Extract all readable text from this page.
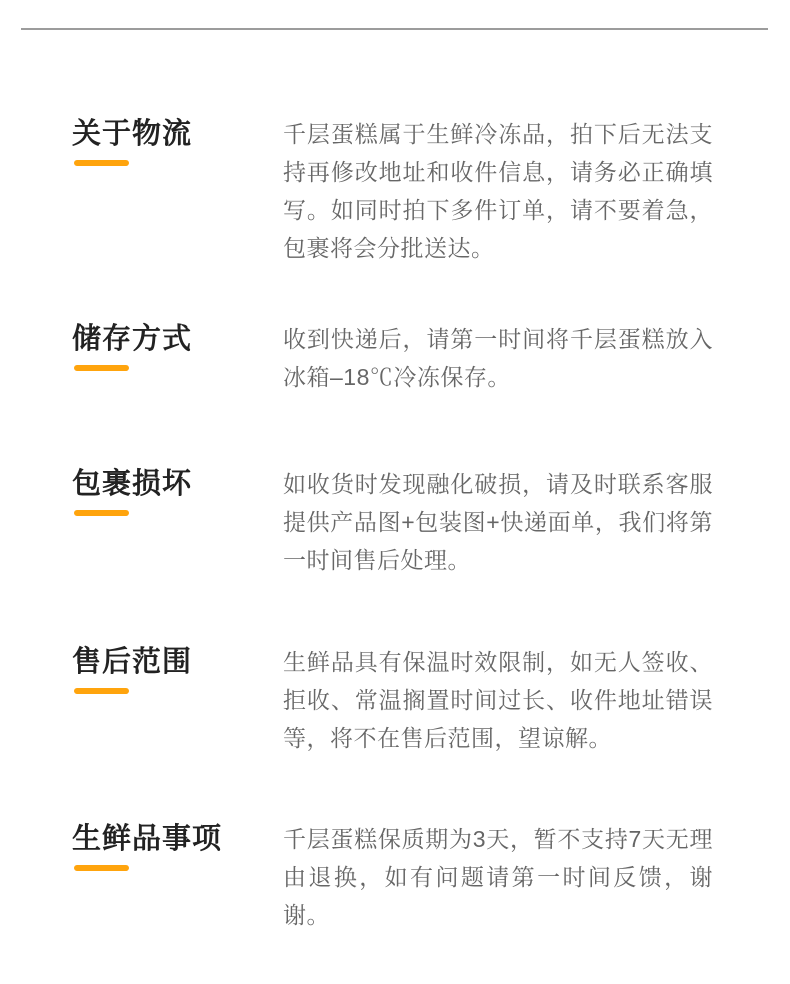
关于物流	千层蛋糕属于生鲜冷冻品，拍下后无法支持再修改地址和收件信息，请务必正确填写。如同时拍下多件订单，请不要着急，包裹将会分批送达。
储存方式	收到快递后，请第一时间将千层蛋糕放入冰箱–18℃冷冻保存。
包裹损坏	如收货时发现融化破损，请及时联系客服提供产品图+包装图+快递面单，我们将第一时间售后处理。
售后范围	生鲜品具有保温时效限制，如无人签收、拒收、常温搁置时间过长、收件地址错误等，将不在售后范围，望谅解。
生鲜品事项	千层蛋糕保质期为3天，暂不支持7天无理由退换，如有问题请第一时间反馈，谢谢。
